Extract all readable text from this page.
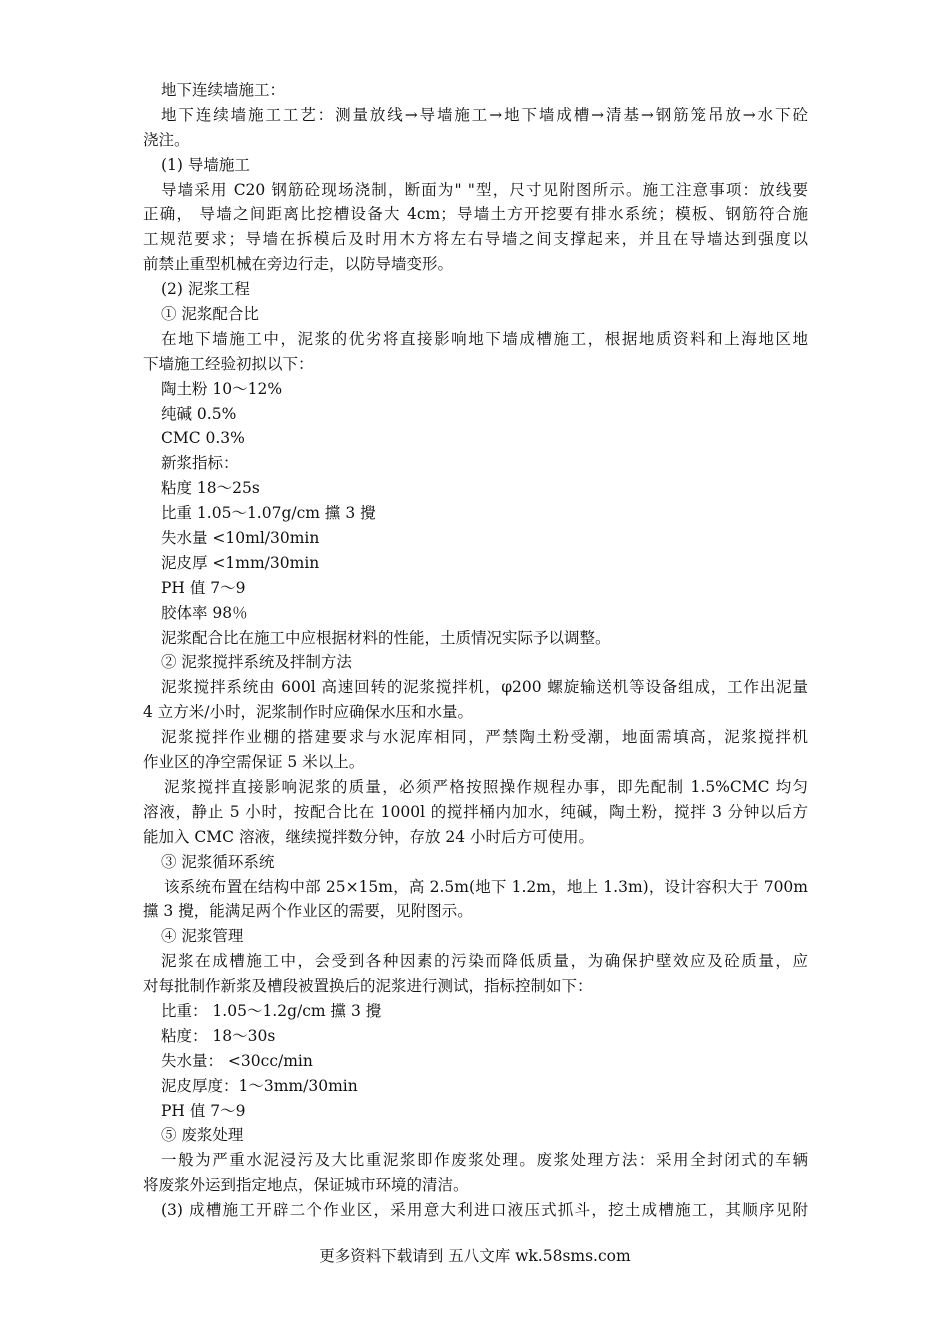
地下连续墙施工：
地下连续墙施工工艺：测量放线→导墙施工→地下墙成槽→清基→钢筋笼吊放→水下砼
浇注。
(1) 导墙施工
导墙采用 C20 钢筋砼现场浇制，断面为" "型，尺寸见附图所示。施工注意事项：放线要
正确， 导墙之间距离比挖槽设备大 4cm；导墙土方开挖要有排水系统；模板、钢筋符合施
工规范要求；导墙在拆模后及时用木方将左右导墙之间支撑起来，并且在导墙达到强度以
前禁止重型机械在旁边行走，以防导墙变形。
(2) 泥浆工程
① 泥浆配合比
在地下墙施工中，泥浆的优劣将直接影响地下墙成槽施工，根据地质资料和上海地区地
下墙施工经验初拟以下：
陶土粉 10～12%
纯碱 0.5%
CMC 0.3%
新浆指标：
粘度 18～25s
比重 1.05～1.07g/cm 攩 3 攪
失水量 <10ml/30min
泥皮厚 <1mm/30min
PH 值 7～9
胶体率 98％
泥浆配合比在施工中应根据材料的性能，土质情况实际予以调整。
② 泥浆搅拌系统及拌制方法
泥浆搅拌系统由 600l 高速回转的泥浆搅拌机，φ200 螺旋输送机等设备组成，工作出泥量
4 立方米/小时，泥浆制作时应确保水压和水量。
泥浆搅拌作业棚的搭建要求与水泥库相同，严禁陶土粉受潮，地面需填高，泥浆搅拌机
作业区的净空需保证 5 米以上。
泥浆搅拌直接影响泥浆的质量，必须严格按照操作规程办事，即先配制 1.5%CMC 均匀
溶液，静止 5 小时，按配合比在 1000l 的搅拌桶内加水，纯碱，陶土粉，搅拌 3 分钟以后方
能加入 CMC 溶液，继续搅拌数分钟，存放 24 小时后方可使用。
③ 泥浆循环系统
该系统布置在结构中部 25×15m，高 2.5m(地下 1.2m，地上 1.3m)，设计容积大于 700m
攩 3 攪，能满足两个作业区的需要，见附图示。
④ 泥浆管理
泥浆在成槽施工中，会受到各种因素的污染而降低质量，为确保护壁效应及砼质量，应
对每批制作新浆及槽段被置换后的泥浆进行测试，指标控制如下：
比重： 1.05～1.2g/cm 攩 3 攪
粘度： 18～30s
失水量： <30cc/min
泥皮厚度：1～3mm/30min
PH 值 7～9
⑤ 废浆处理
一般为严重水泥浸污及大比重泥浆即作废浆处理。废浆处理方法：采用全封闭式的车辆
将废浆外运到指定地点，保证城市环境的清洁。
(3) 成槽施工开辟二个作业区，采用意大利进口液压式抓斗，挖土成槽施工，其顺序见附
更多资料下载请到 五八文库 wk.58sms.com
